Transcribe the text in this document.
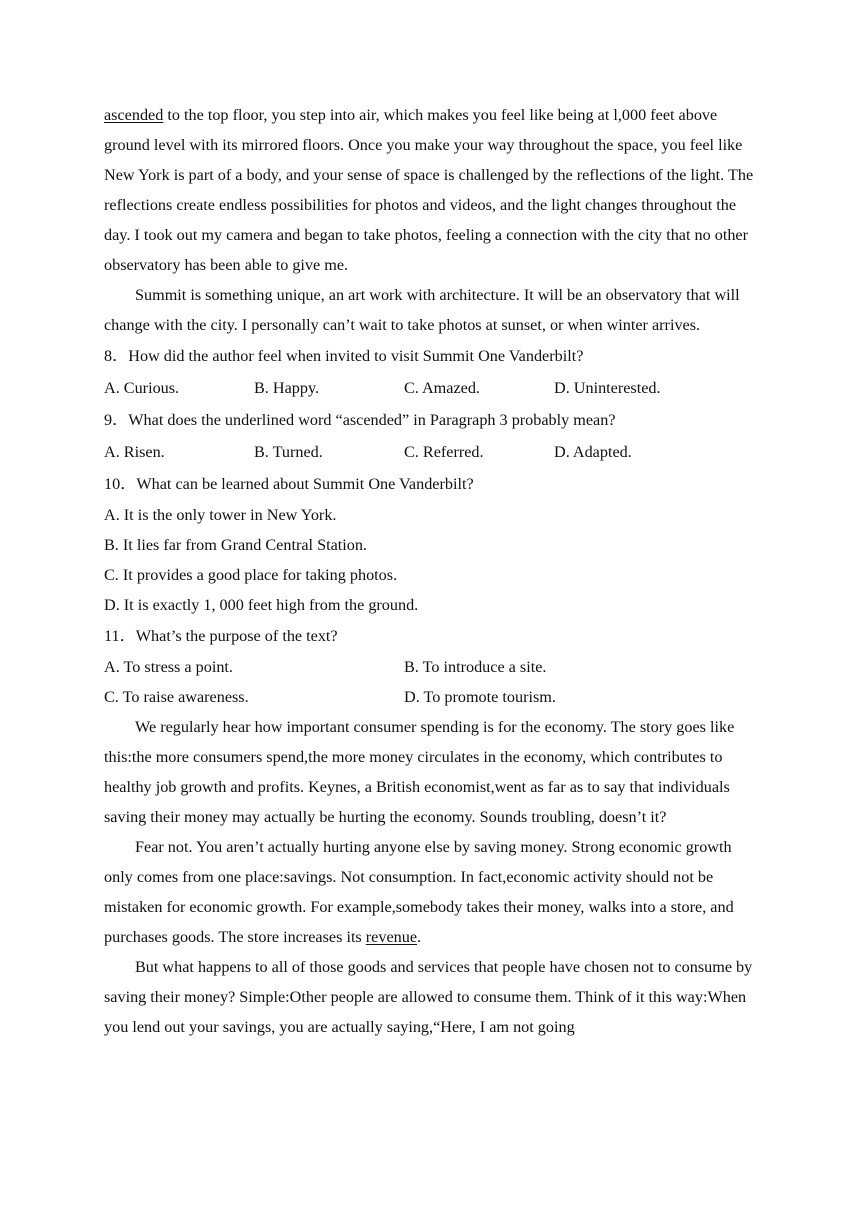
ascended to the top floor, you step into air, which makes you feel like being at l,000 feet above ground level with its mirrored floors. Once you make your way throughout the space, you feel like New York is part of a body, and your sense of space is challenged by the reflections of the light. The reflections create endless possibilities for photos and videos, and the light changes throughout the day. I took out my camera and began to take photos, feeling a connection with the city that no other observatory has been able to give me.

Summit is something unique, an art work with architecture. It will be an observatory that will change with the city. I personally can’t wait to take photos at sunset, or when winter arrives.

8．How did the author feel when invited to visit Summit One Vanderbilt?

A. Curious.	B. Happy.	C. Amazed.	D. Uninterested.

9．What does the underlined word “ascended” in Paragraph 3 probably mean?

A. Risen.	B. Turned.	C. Referred.	D. Adapted.

10．What can be learned about Summit One Vanderbilt?

A. It is the only tower in New York.

B. It lies far from Grand Central Station.

C. It provides a good place for taking photos.

D. It is exactly 1, 000 feet high from the ground.

11．What’s the purpose of the text?

A. To stress a point.	B. To introduce a site.
C. To raise awareness.	D. To promote tourism.

We regularly hear how important consumer spending is for the economy. The story goes like this:the more consumers spend,the more money circulates in the economy, which contributes to healthy job growth and profits. Keynes, a British economist,went as far as to say that individuals saving their money may actually be hurting the economy. Sounds troubling, doesn’t it?

Fear not. You aren’t actually hurting anyone else by saving money. Strong economic growth only comes from one place:savings. Not consumption. In fact,economic activity should not be mistaken for economic growth. For example,somebody takes their money, walks into a store, and purchases goods. The store increases its revenue.

But what happens to all of those goods and services that people have chosen not to consume by saving their money? Simple:Other people are allowed to consume them. Think of it this way:When you lend out your savings, you are actually saying,“Here, I am not going
